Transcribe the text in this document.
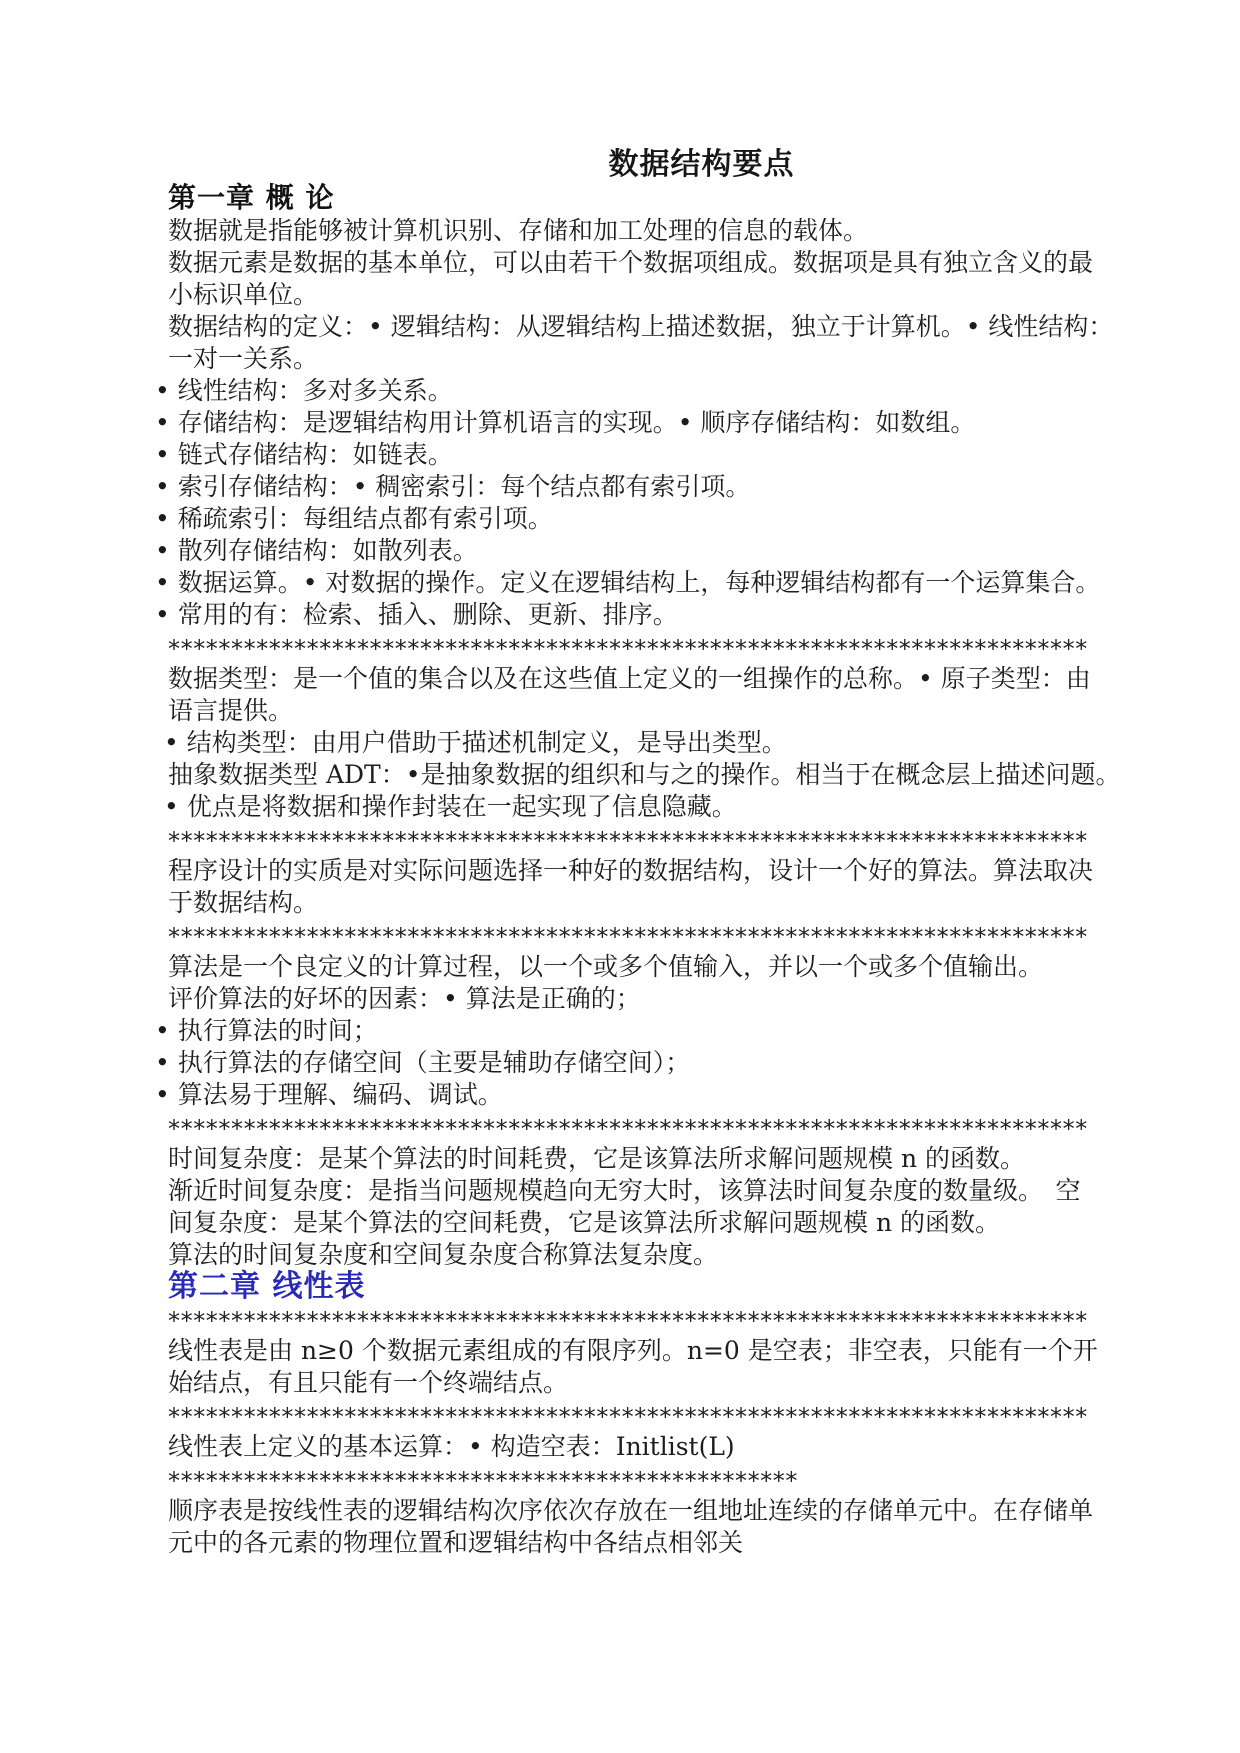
数据结构要点
第一章 概 论
数据就是指能够被计算机识别、存储和加工处理的信息的载体。
数据元素是数据的基本单位，可以由若干个数据项组成。数据项是具有独立含义的最
小标识单位。
数据结构的定义：• 逻辑结构：从逻辑结构上描述数据，独立于计算机。• 线性结构：
一对一关系。
• 线性结构：多对多关系。
• 存储结构：是逻辑结构用计算机语言的实现。• 顺序存储结构：如数组。
• 链式存储结构：如链表。
• 索引存储结构：• 稠密索引：每个结点都有索引项。
• 稀疏索引：每组结点都有索引项。
• 散列存储结构：如散列表。
• 数据运算。• 对数据的操作。定义在逻辑结构上，每种逻辑结构都有一个运算集合。
• 常用的有：检索、插入、删除、更新、排序。
*************************************************************************
数据类型：是一个值的集合以及在这些值上定义的一组操作的总称。• 原子类型：由
语言提供。
• 结构类型：由用户借助于描述机制定义，是导出类型。
抽象数据类型 ADT：•是抽象数据的组织和与之的操作。相当于在概念层上描述问题。
• 优点是将数据和操作封装在一起实现了信息隐藏。
*************************************************************************
程序设计的实质是对实际问题选择一种好的数据结构，设计一个好的算法。算法取决
于数据结构。
*************************************************************************
算法是一个良定义的计算过程，以一个或多个值输入，并以一个或多个值输出。
评价算法的好坏的因素：• 算法是正确的；
• 执行算法的时间；
• 执行算法的存储空间（主要是辅助存储空间）；
• 算法易于理解、编码、调试。
*************************************************************************
时间复杂度：是某个算法的时间耗费，它是该算法所求解问题规模 n 的函数。
渐近时间复杂度：是指当问题规模趋向无穷大时，该算法时间复杂度的数量级。　空
间复杂度：是某个算法的空间耗费，它是该算法所求解问题规模 n 的函数。
算法的时间复杂度和空间复杂度合称算法复杂度。
第二章 线性表
*************************************************************************
线性表是由 n≥0 个数据元素组成的有限序列。n=0 是空表；非空表，只能有一个开
始结点，有且只能有一个终端结点。
*************************************************************************
线性表上定义的基本运算：• 构造空表：Initlist(L)
**************************************************
顺序表是按线性表的逻辑结构次序依次存放在一组地址连续的存储单元中。在存储单
元中的各元素的物理位置和逻辑结构中各结点相邻关
